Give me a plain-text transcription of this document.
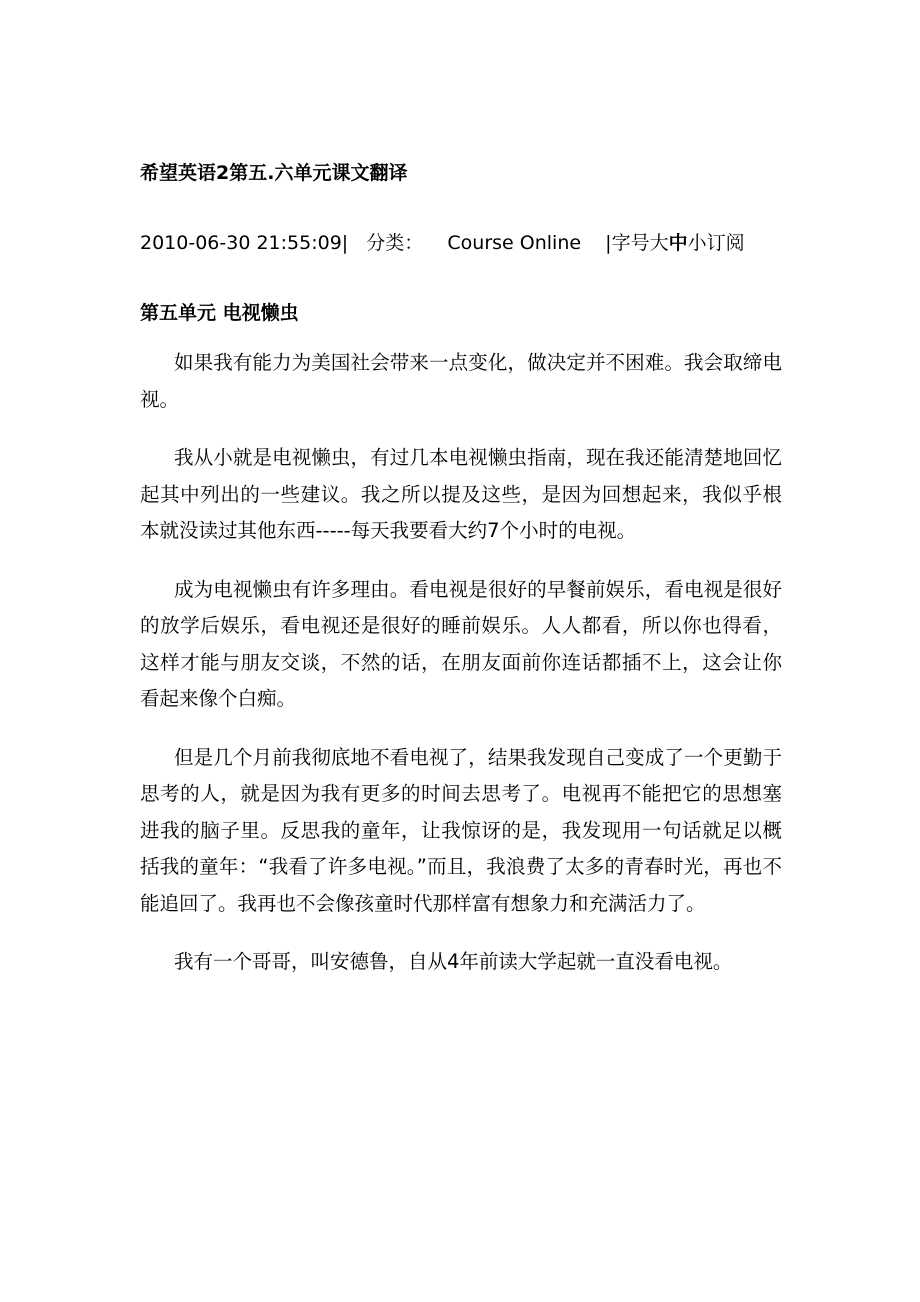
希望英语2第五.六单元课文翻译
2010-06-30 21:55:09| 分类： Course Online |字号大中小订阅
第五单元 电视懒虫

如果我有能力为美国社会带来一点变化，做决定并不困难。我会取缔电视。

我从小就是电视懒虫，有过几本电视懒虫指南，现在我还能清楚地回忆起其中列出的一些建议。我之所以提及这些，是因为回想起来，我似乎根本就没读过其他东西-----每天我要看大约7个小时的电视。

成为电视懒虫有许多理由。看电视是很好的早餐前娱乐，看电视是很好的放学后娱乐，看电视还是很好的睡前娱乐。人人都看，所以你也得看，这样才能与朋友交谈，不然的话，在朋友面前你连话都插不上，这会让你看起来像个白痴。

但是几个月前我彻底地不看电视了，结果我发现自己变成了一个更勤于思考的人，就是因为我有更多的时间去思考了。电视再不能把它的思想塞进我的脑子里。反思我的童年，让我惊讶的是，我发现用一句话就足以概括我的童年：“我看了许多电视。”而且，我浪费了太多的青春时光，再也不能追回了。我再也不会像孩童时代那样富有想象力和充满活力了。

我有一个哥哥，叫安德鲁，自从4年前读大学起就一直没看电视。
